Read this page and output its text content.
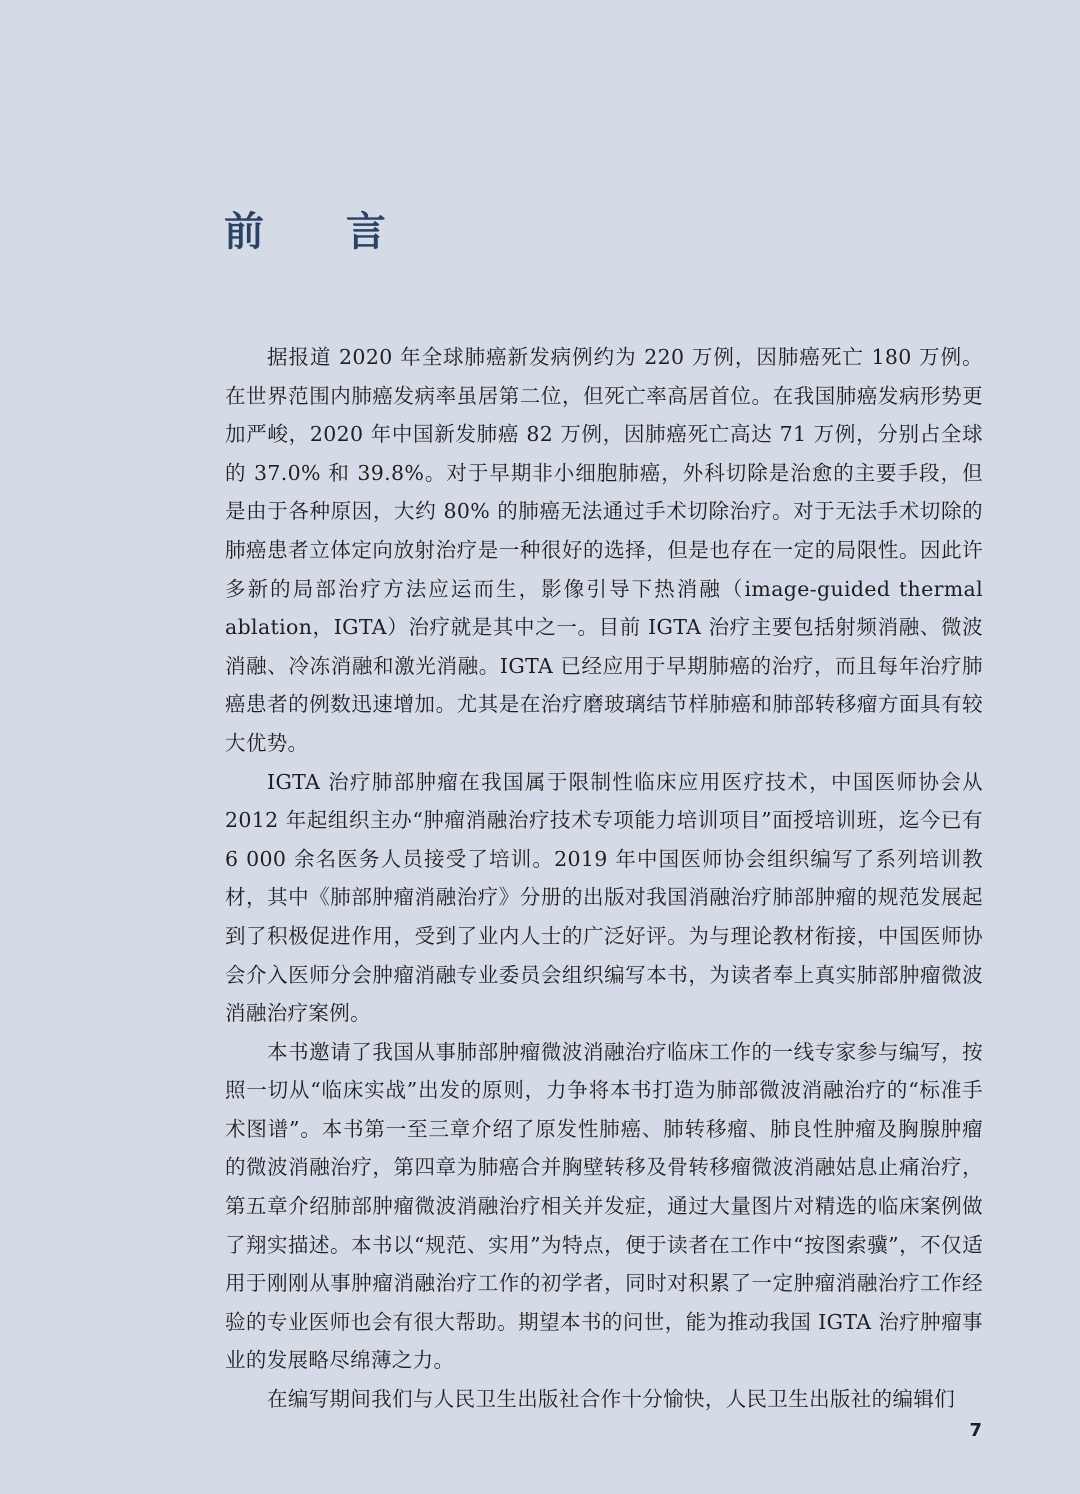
前 言

据报道 2020 年全球肺癌新发病例约为 220 万例，因肺癌死亡 180 万例。在世界范围内肺癌发病率虽居第二位，但死亡率高居首位。在我国肺癌发病形势更加严峻，2020 年中国新发肺癌 82 万例，因肺癌死亡高达 71 万例，分别占全球的 37.0% 和 39.8%。对于早期非小细胞肺癌，外科切除是治愈的主要手段，但是由于各种原因，大约 80% 的肺癌无法通过手术切除治疗。对于无法手术切除的肺癌患者立体定向放射治疗是一种很好的选择，但是也存在一定的局限性。因此许多新的局部治疗方法应运而生，影像引导下热消融（image-guided thermal ablation，IGTA）治疗就是其中之一。目前 IGTA 治疗主要包括射频消融、微波消融、冷冻消融和激光消融。IGTA 已经应用于早期肺癌的治疗，而且每年治疗肺癌患者的例数迅速增加。尤其是在治疗磨玻璃结节样肺癌和肺部转移瘤方面具有较大优势。

IGTA 治疗肺部肿瘤在我国属于限制性临床应用医疗技术，中国医师协会从 2012 年起组织主办“肿瘤消融治疗技术专项能力培训项目”面授培训班，迄今已有 6 000 余名医务人员接受了培训。2019 年中国医师协会组织编写了系列培训教材，其中《肺部肿瘤消融治疗》分册的出版对我国消融治疗肺部肿瘤的规范发展起到了积极促进作用，受到了业内人士的广泛好评。为与理论教材衔接，中国医师协会介入医师分会肿瘤消融专业委员会组织编写本书，为读者奉上真实肺部肿瘤微波消融治疗案例。

本书邀请了我国从事肺部肿瘤微波消融治疗临床工作的一线专家参与编写，按照一切从“临床实战”出发的原则，力争将本书打造为肺部微波消融治疗的“标准手术图谱”。本书第一至三章介绍了原发性肺癌、肺转移瘤、肺良性肿瘤及胸腺肿瘤的微波消融治疗，第四章为肺癌合并胸壁转移及骨转移瘤微波消融姑息止痛治疗，第五章介绍肺部肿瘤微波消融治疗相关并发症，通过大量图片对精选的临床案例做了翔实描述。本书以“规范、实用”为特点，便于读者在工作中“按图索骥”，不仅适用于刚刚从事肿瘤消融治疗工作的初学者，同时对积累了一定肿瘤消融治疗工作经验的专业医师也会有很大帮助。期望本书的问世，能为推动我国 IGTA 治疗肿瘤事业的发展略尽绵薄之力。

在编写期间我们与人民卫生出版社合作十分愉快，人民卫生出版社的编辑们

7
